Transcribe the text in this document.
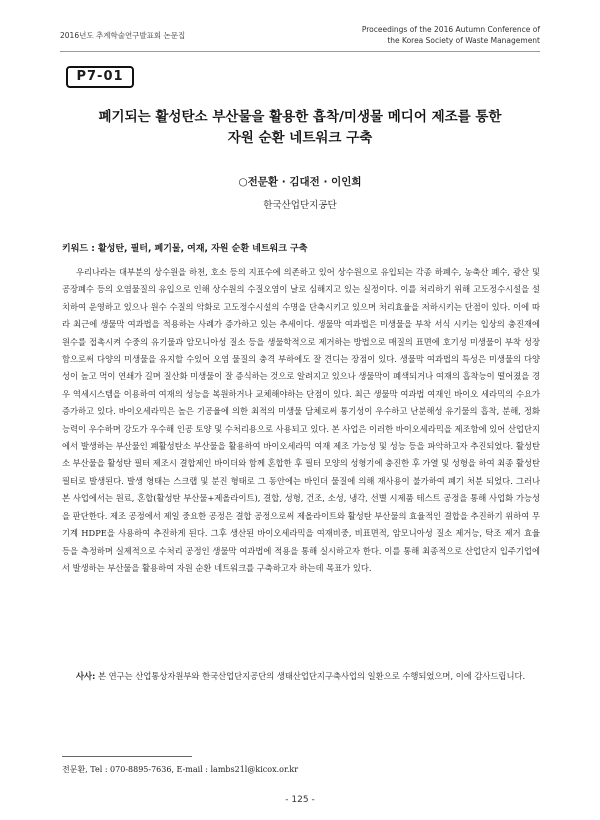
2016년도 추계학술연구발표회 논문집
Proceedings of the 2016 Autumn Conference of
the Korea Society of Waste Management
P7-01
폐기되는 활성탄소 부산물을 활용한 흡착/미생물 메디어 제조를 통한
자원 순환 네트워크 구축
○전문환 · 김대전 · 이인희
한국산업단지공단
키워드 : 활성탄, 필터, 폐기물, 여재, 자원 순환 네트워크 구축

우리나라는 대부분의 상수원을 하천, 호소 등의 지표수에 의존하고 있어 상수원으로 유입되는 각종 하폐수, 농축산 폐수, 광산 및 공장폐수 등의 오염물질의 유입으로 인해 상수원의 수질오염이 날로 심해지고 있는 실정이다. 이를 처리하기 위해 고도정수시설을 설치하여 운영하고 있으나 원수 수질의 악화로 고도정수시설의 수명을 단축시키고 있으며 처리효율을 저하시키는 단점이 있다. 이에 따라 최근에 생물막 여과법을 적용하는 사례가 증가하고 있는 추세이다. 생물막 여과법은 미생물을 부착 서식 시키는 입상의 충진재에 원수를 접촉시켜 수중의 유기물과 암모니아성 질소 등을 생물학적으로 제거하는 방법으로 매질의 표면에 호기성 미생물이 부착 성장함으로써 다양의 미생물을 유지할 수있어 오염 물질의 충격 부하에도 잘 견디는 장점이 있다. 생물막 여과법의 특성은 미생물의 다양성이 높고 먹이 연쇄가 길며 질산화 미생물이 잘 증식하는 것으로 알려지고 있으나 생물막이 폐색되거나 여재의 흡착능이 떨어졌을 경우 역세시스템을 이용하여 여재의 성능을 복원하거나 교체해야하는 단점이 있다. 최근 생물막 여과법 여재인 바이오 세라믹의 수요가 증가하고 있다. 바이오세라믹은 높은 기공율에 의한 최적의 미생물 담체로써 통기성이 우수하고 난분해성 유기물의 흡착, 분해, 정화 능력이 우수하며 강도가 우수해 인공 토양 및 수처리용으로 사용되고 있다. 본 사업은 이러한 바이오세라믹을 제조함에 있어 산업단지에서 발생하는 부산물인 폐활성탄소 부산물을 활용하여 바이오세라믹 여재 제조 가능성 및 성능 등을 파악하고자 추진되었다. 활성탄소 부산물을 활성탄 필터 제조시 결합제인 바이더와 함께 혼합한 후 필터 모양의 성형기에 충진한 후 가열 및 성형을 하여 최종 활성탄 필터로 발생된다. 발생 형태는 스크랩 및 분진 형태로 그 동안에는 바인더 물질에 의해 재사용이 불가하여 폐기 처분 되었다. 그러나 본 사업에서는 원료, 혼합(활성탄 부산물+제올라이트), 결합, 성형, 건조, 소성, 냉각, 선별 시제품 테스트 공정을 통해 사업화 가능성을 판단한다. 제조 공정에서 제일 중요한 공정은 결합 공정으로써 제올라이트와 활성탄 부산물의 효율적인 결합을 추진하기 위하여 무기계 HDPE을 사용하여 추진하게 된다. 그후 생산된 바이오세라믹을 여재비중, 비표면적, 암모니아성 질소 제거능, 탁조 제거 효율 등을 측정하며 실제적으로 수처리 공정인 생물막 여과법에 적용을 통해 실시하고자 한다. 이를 통해 최종적으로 산업단지 입주기업에서 발생하는 부산물을 활용하여 자원 순환 네트워크를 구축하고자 하는데 목표가 있다.

사사: 본 연구는 산업통상자원부와 한국산업단지공단의 생태산업단지구축사업의 일환으로 수행되었으며, 이에 감사드립니다.
전문환, Tel : 070-8895-7636, E-mail : lambs21l@kicox.or.kr
- 125 -
